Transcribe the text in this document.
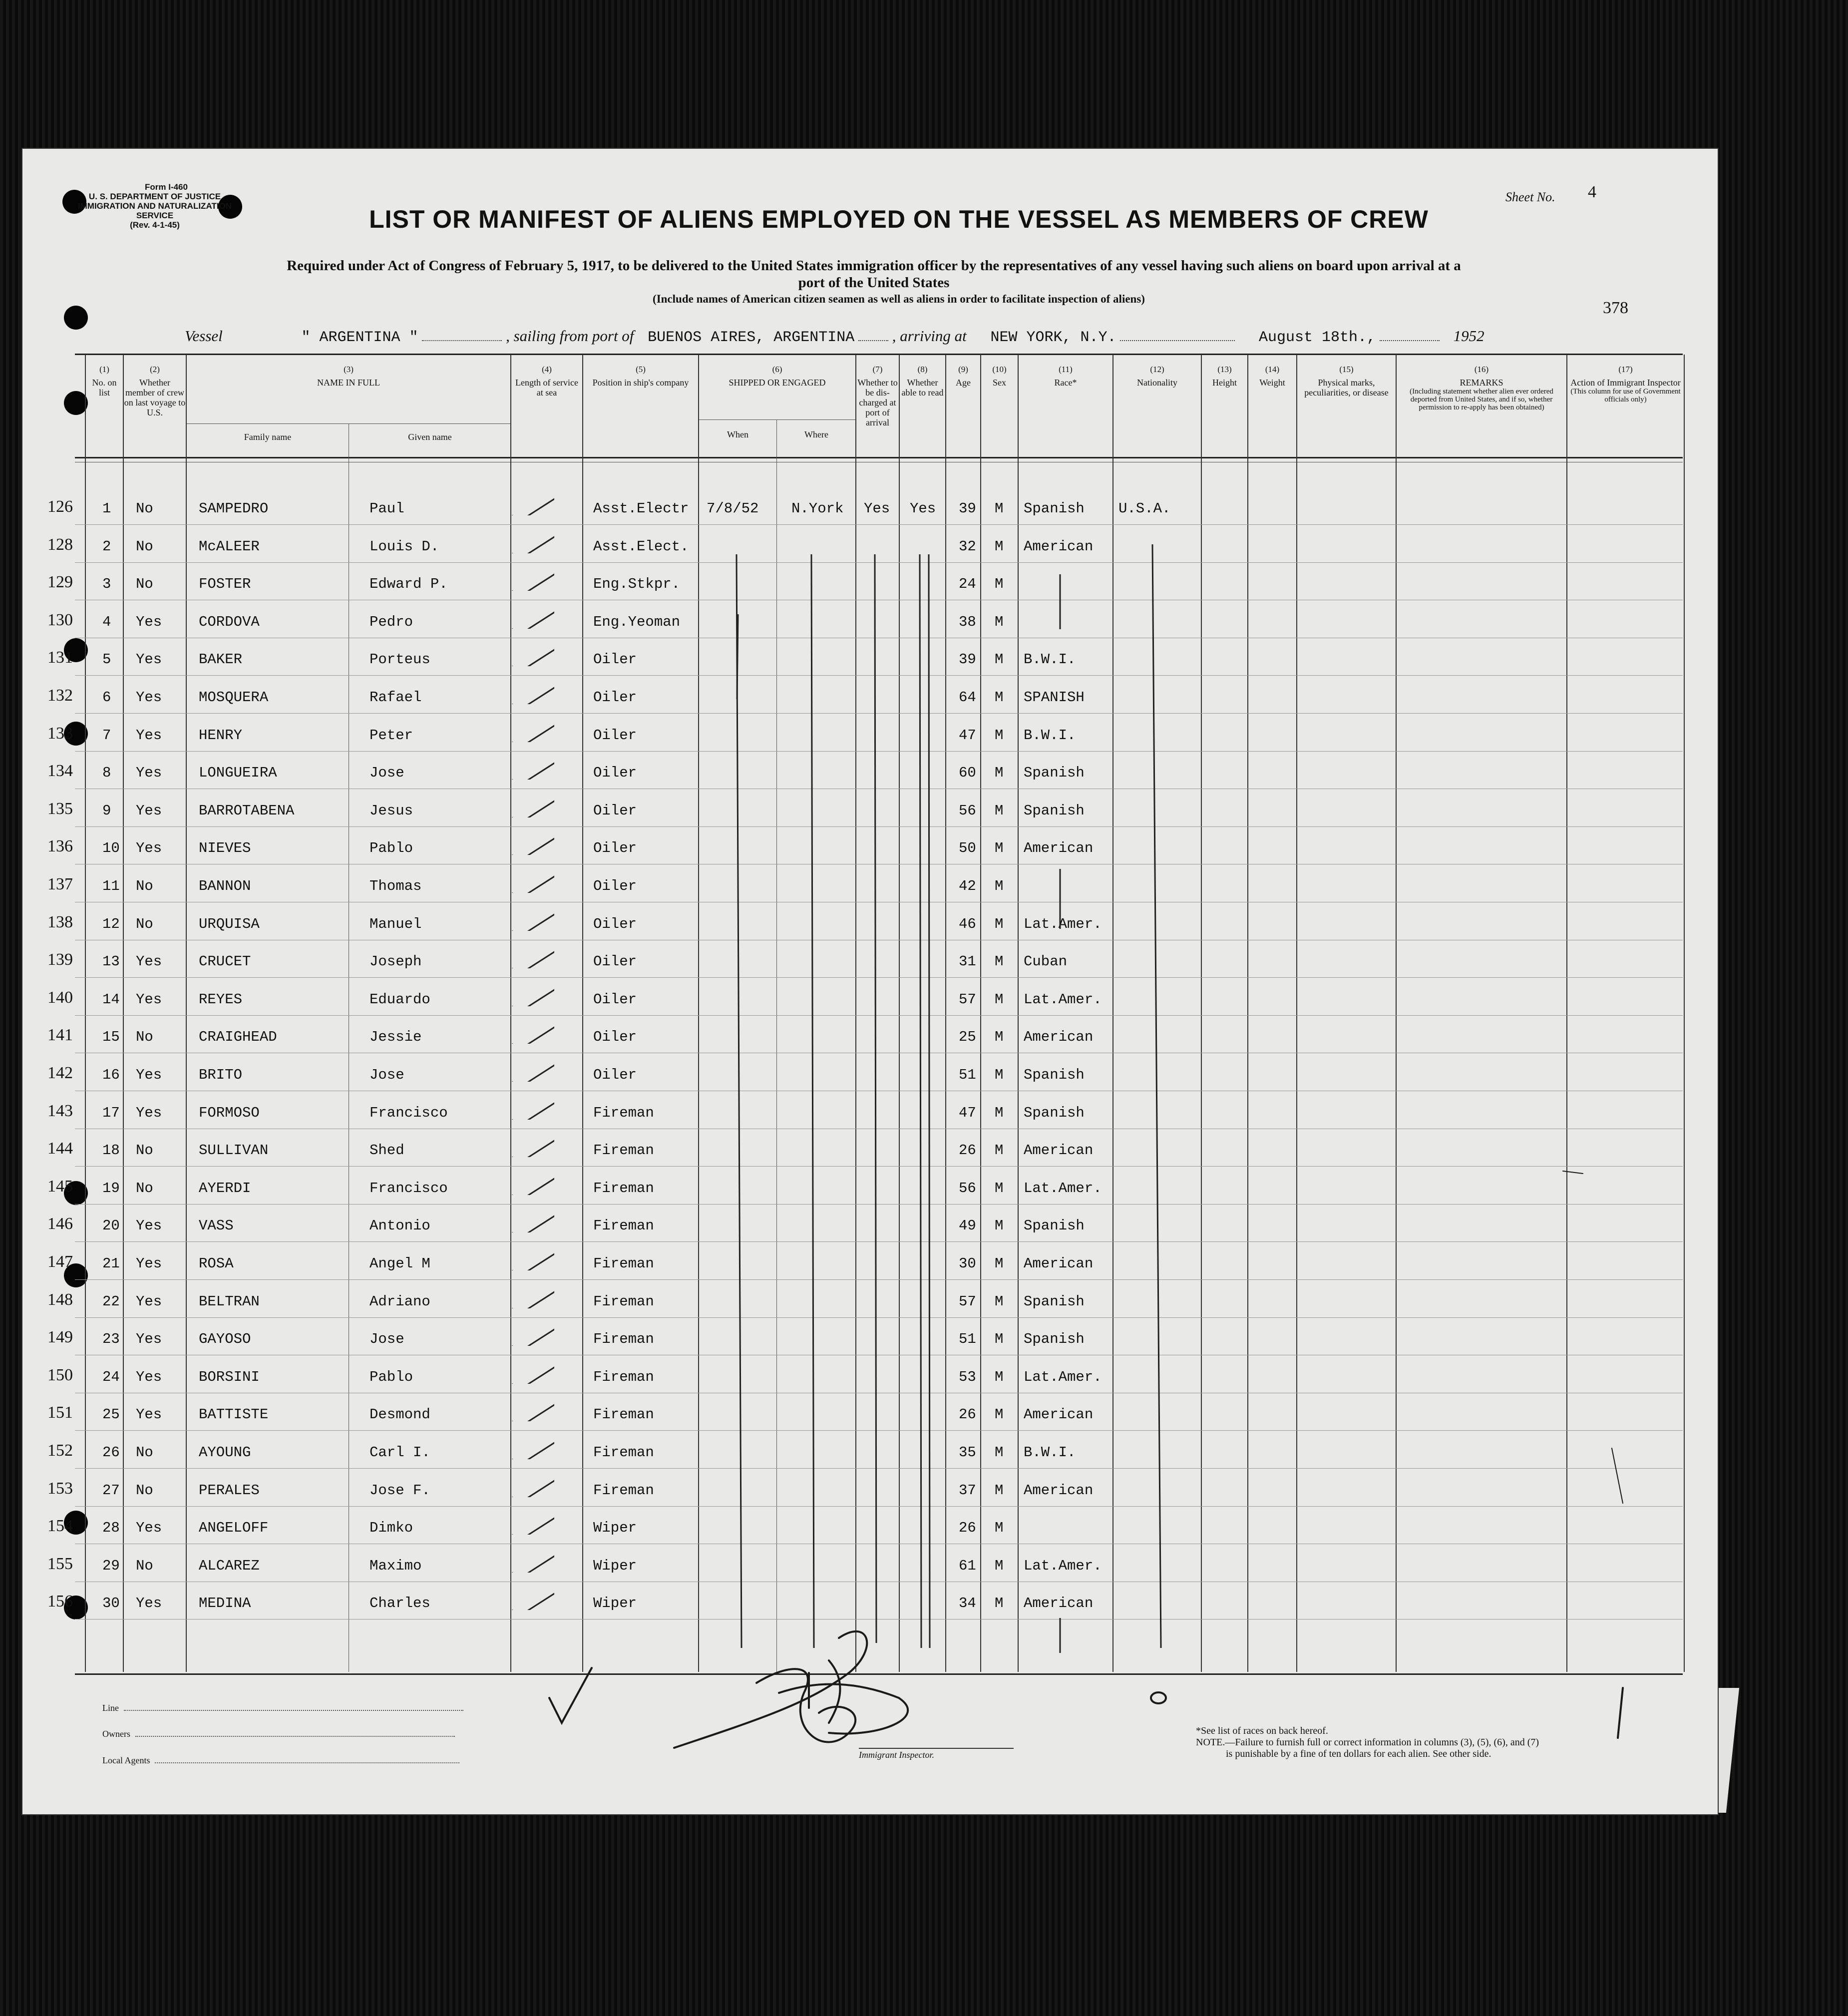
Form I-460
U. S. DEPARTMENT OF JUSTICE
IMMIGRATION AND NATURALIZATION SERVICE
(Rev. 4-1-45)
Sheet No. 4
LIST OR MANIFEST OF ALIENS EMPLOYED ON THE VESSEL AS MEMBERS OF CREW
Required under Act of Congress of February 5, 1917, to be delivered to the United States immigration officer by the representatives of any vessel having such aliens on board upon arrival at a
port of the United States
(Include names of American citizen seamen as well as aliens in order to facilitate inspection of aliens)	378
Vessel	" ARGENTINA "	, sailing from port of BUENOS AIRES, ARGENTINA , arriving at NEW YORK, N.Y.	August 18th.,	1952
(1)
No. on list
(2)
Whether member of crew on last voyage to U.S.
(3)
NAME IN FULL
Family name	Given name
(4)
Length of service at sea
(5)
Position in ship's company
(6)
SHIPPED OR ENGAGED
When	Where
(7)
Whether to be dis-charged at port of arrival
(8)
Whether able to read
(9)
Age
(10)
Sex
(11)
Race*
(12)
Nationality
(13)
Height
(14)
Weight
(15)
Physical marks, peculiarities, or disease
(16)
REMARKS
(Including statement whether alien ever ordered deported from United States, and if so, whether permission to re-apply has been obtained)
(17)
Action of Immigrant Inspector
(This column for use of Government officials only)
126 1 No	SAMPEDRO	Paul	Asst.Electr 7/8/52 N.York Yes Yes 39 M Spanish U.S.A.
128 2 No	McALEER	Louis D.	Asst.Elect.	32 M American
129 3 No	FOSTER	Edward P.	Eng.Stkpr.	24 M
130 4 Yes	CORDOVA	Pedro	Eng.Yeoman	38 M
131 5 Yes	BAKER	Porteus	Oiler	39 M B.W.I.
132 6 Yes	MOSQUERA	Rafael	Oiler	64 M SPANISH
133 7 Yes	HENRY	Peter	Oiler	47 M B.W.I.
134 8 Yes	LONGUEIRA	Jose	Oiler	60 M Spanish
135 9 Yes	BARROTABENA	Jesus	Oiler	56 M Spanish
136 10 Yes	NIEVES	Pablo	Oiler	50 M American
137 11 No	BANNON	Thomas	Oiler	42 M
138 12 No	URQUISA	Manuel	Oiler	46 M Lat.Amer.
139 13 Yes	CRUCET	Joseph	Oiler	31 M Cuban
140 14 Yes	REYES	Eduardo	Oiler	57 M Lat.Amer.
141 15 No	CRAIGHEAD	Jessie	Oiler	25 M American
142 16 Yes	BRITO	Jose	Oiler	51 M Spanish
143 17 Yes	FORMOSO	Francisco	Fireman	47 M Spanish
144 18 No	SULLIVAN	Shed	Fireman	26 M American
145 19 No	AYERDI	Francisco	Fireman	56 M Lat.Amer.
146 20 Yes	VASS	Antonio	Fireman	49 M Spanish
147 21 Yes	ROSA	Angel M	Fireman	30 M American
148 22 Yes	BELTRAN	Adriano	Fireman	57 M Spanish
149 23 Yes	GAYOSO	Jose	Fireman	51 M Spanish
150 24 Yes	BORSINI	Pablo	Fireman	53 M Lat.Amer.
151 25 Yes	BATTISTE	Desmond	Fireman	26 M American
152 26 No	AYOUNG	Carl I.	Fireman	35 M B.W.I.
153 27 No	PERALES	Jose F.	Fireman	37 M American
154 28 Yes	ANGELOFF	Dimko	Wiper	26 M
155 29 No	ALCAREZ	Maximo	Wiper	61 M Lat.Amer.
156 30 Yes	MEDINA	Charles	Wiper	34 M American
Line
Owners
Local Agents
Immigrant Inspector.
*See list of races on back hereof.
NOTE.—Failure to furnish full or correct information in columns (3), (5), (6), and (7)
is punishable by a fine of ten dollars for each alien. See other side.
